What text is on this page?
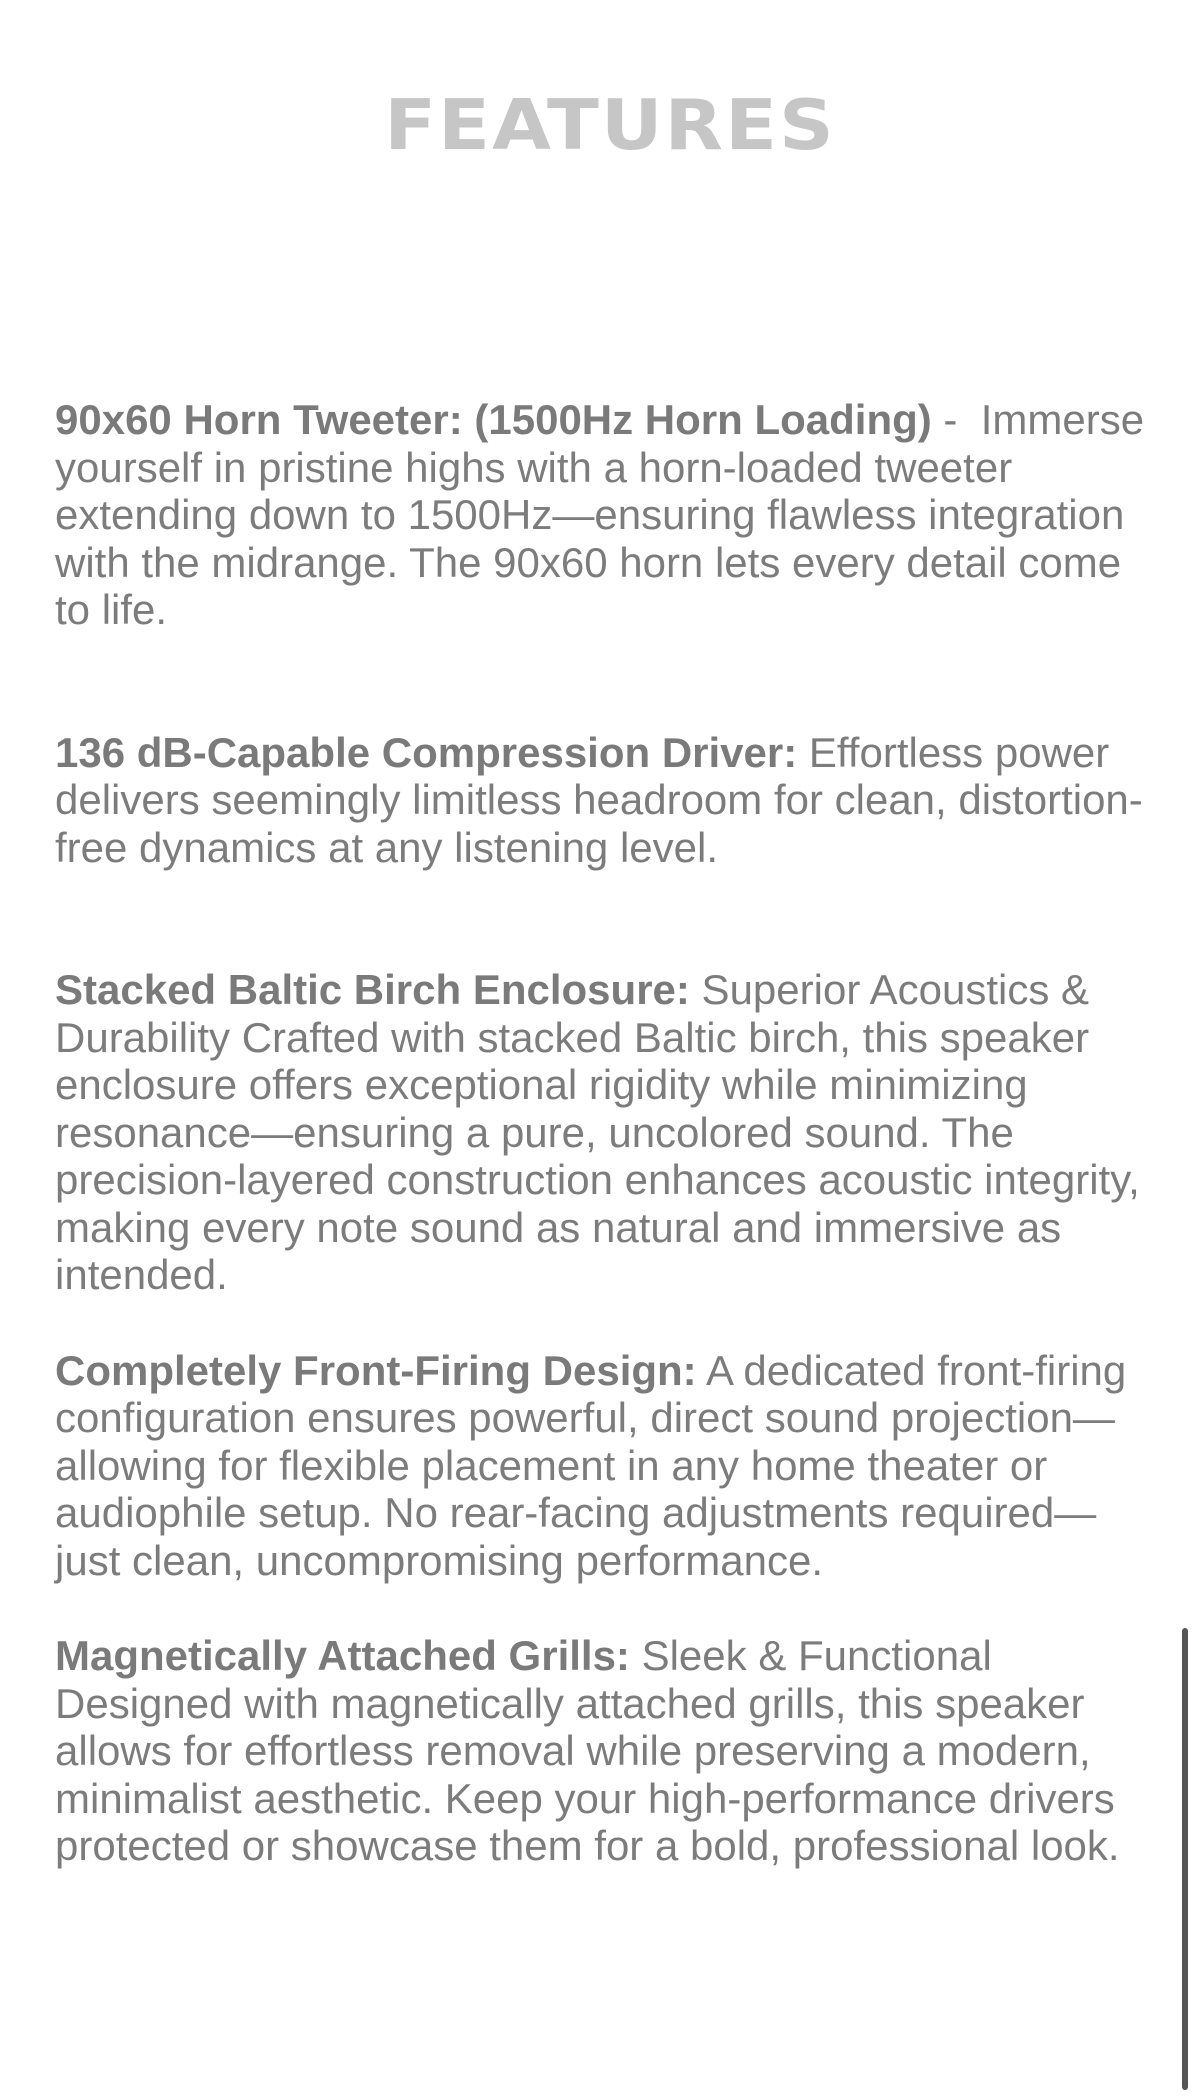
FEATURES

90x60 Horn Tweeter: (1500Hz Horn Loading) -  Immerse yourself in pristine highs with a horn-loaded tweeter extending down to 1500Hz—ensuring flawless integration with the midrange. The 90x60 horn lets every detail come to life.

136 dB-Capable Compression Driver: Effortless power delivers seemingly limitless headroom for clean, distortion-free dynamics at any listening level.

Stacked Baltic Birch Enclosure: Superior Acoustics & Durability Crafted with stacked Baltic birch, this speaker enclosure offers exceptional rigidity while minimizing resonance—ensuring a pure, uncolored sound. The precision-layered construction enhances acoustic integrity, making every note sound as natural and immersive as intended.

Completely Front-Firing Design: A dedicated front-firing configuration ensures powerful, direct sound projection—allowing for flexible placement in any home theater or audiophile setup. No rear-facing adjustments required—just clean, uncompromising performance.

Magnetically Attached Grills: Sleek & Functional Designed with magnetically attached grills, this speaker allows for effortless removal while preserving a modern, minimalist aesthetic. Keep your high-performance drivers protected or showcase them for a bold, professional look.
